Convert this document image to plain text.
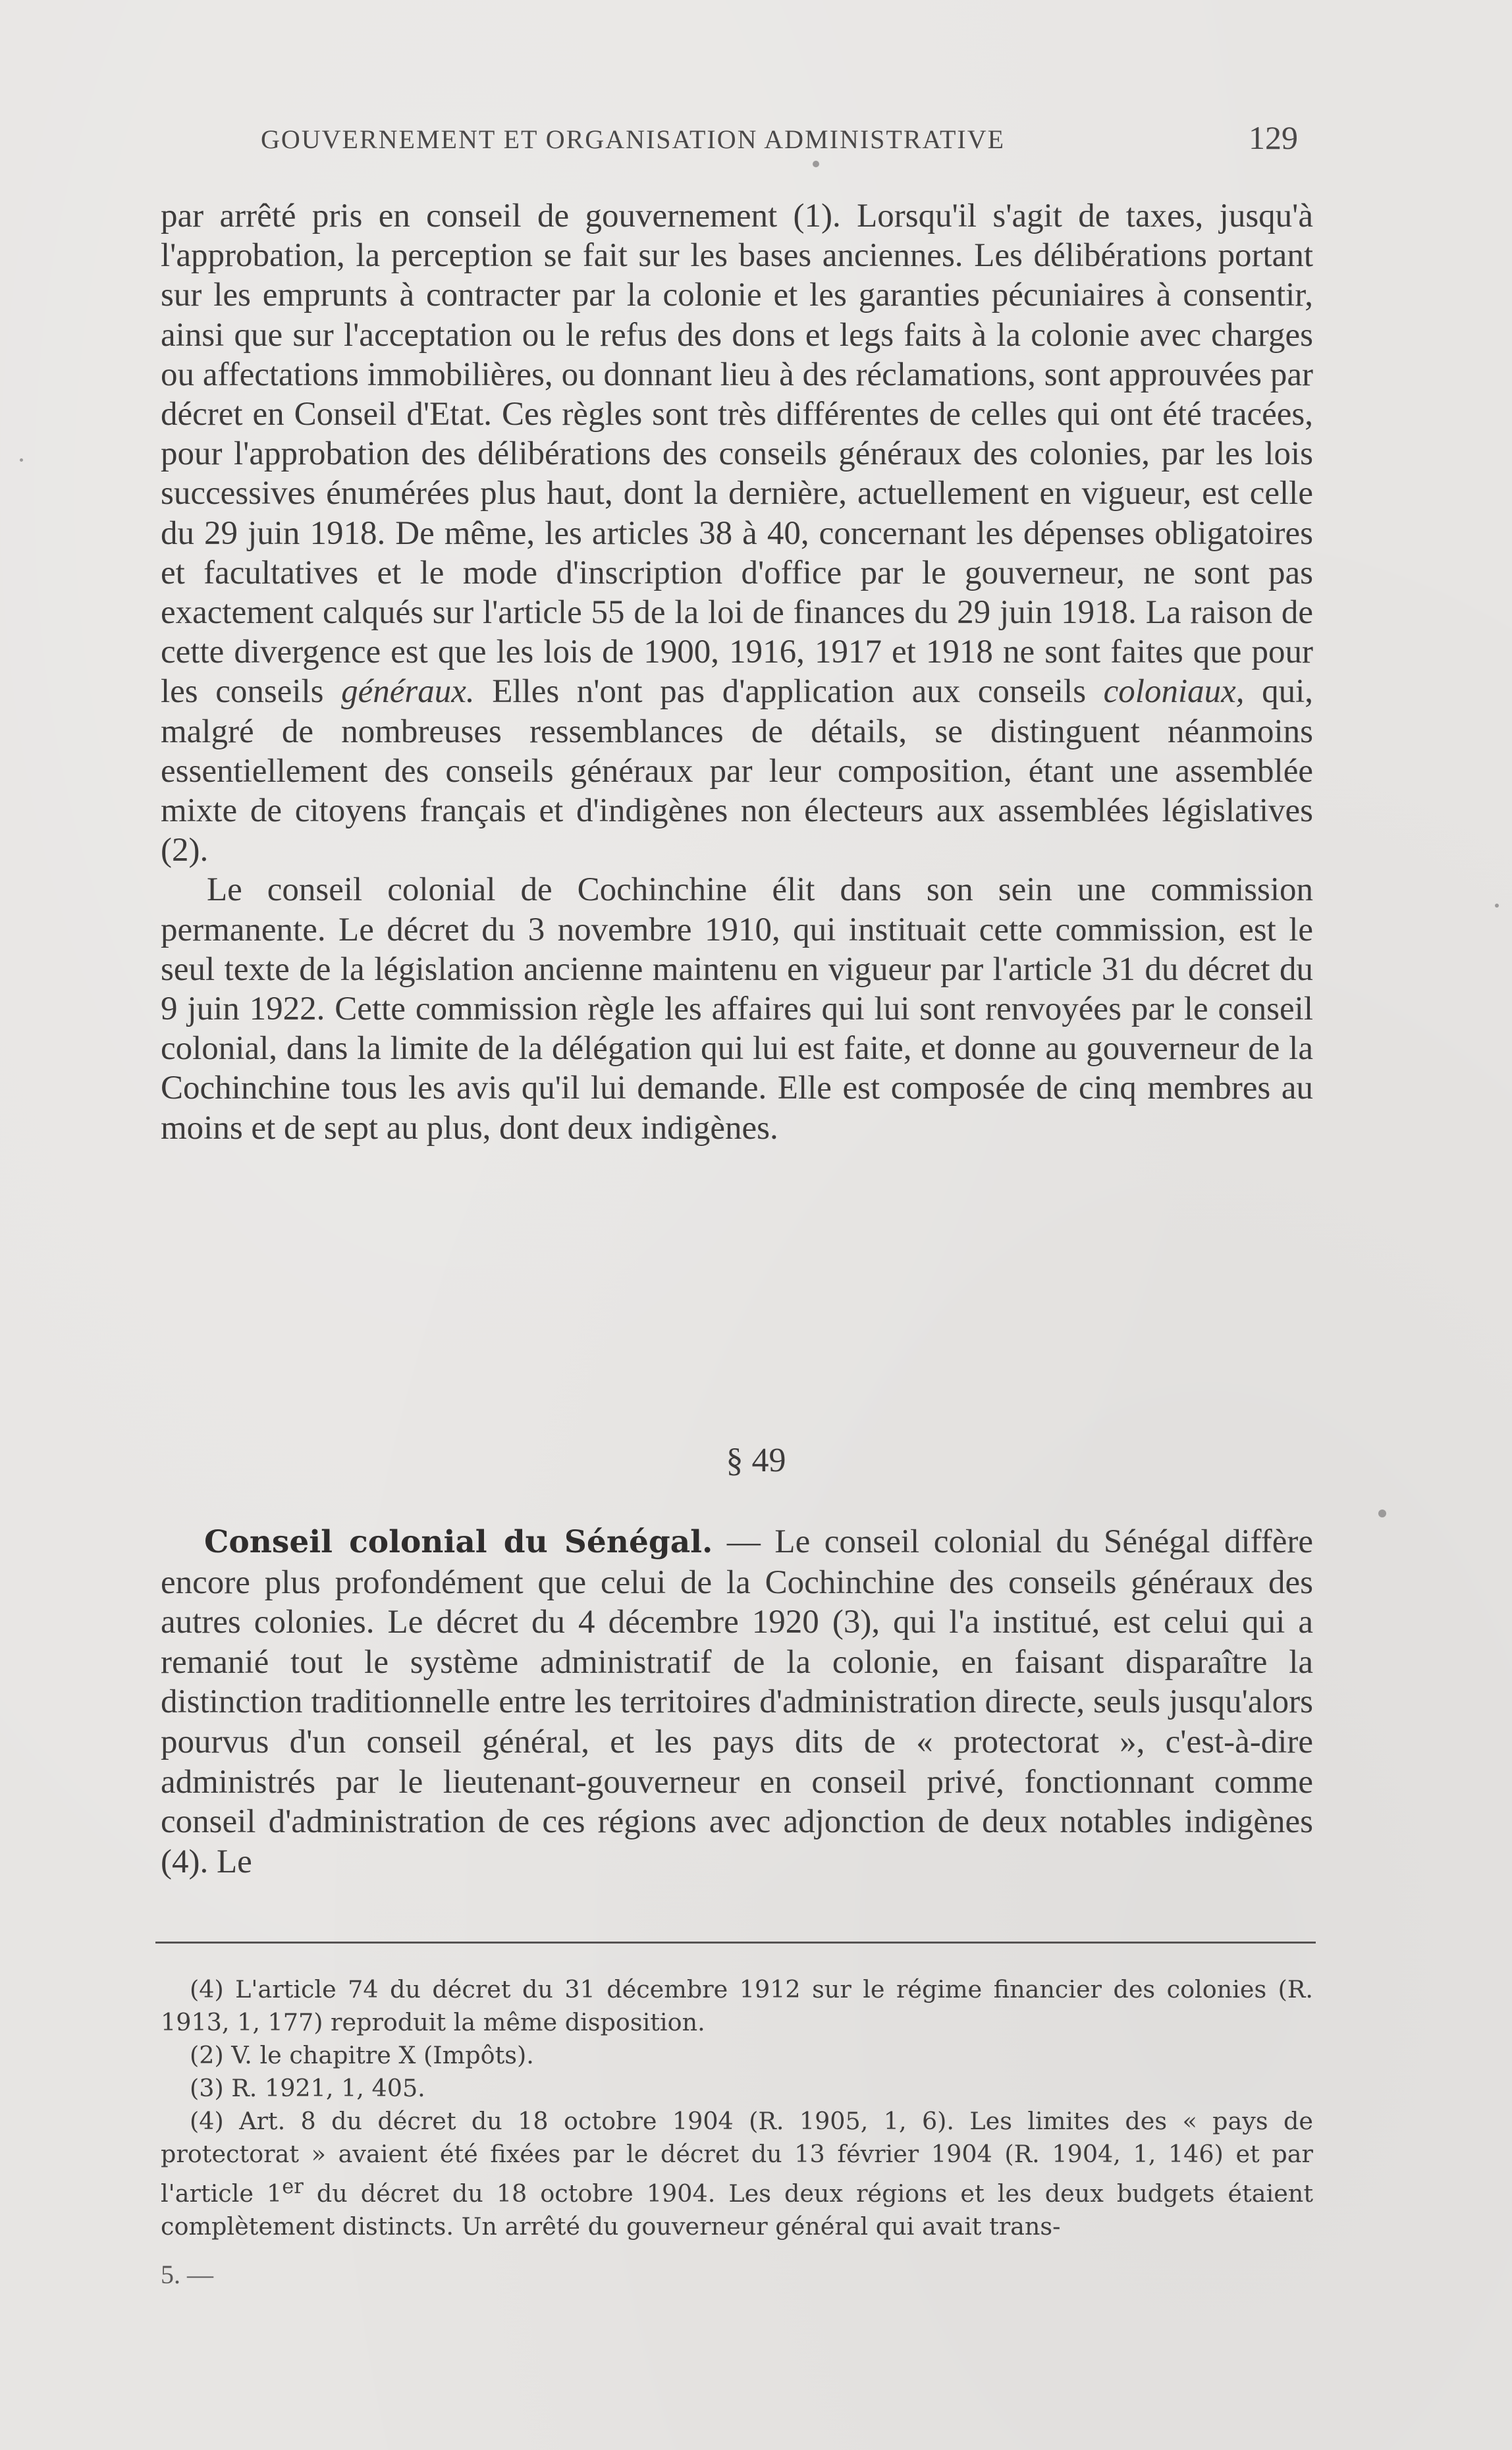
GOUVERNEMENT ET ORGANISATION ADMINISTRATIVE	129

par arrêté pris en conseil de gouvernement (1). Lorsqu'il s'agit de taxes, jusqu'à l'approbation, la perception se fait sur les bases anciennes. Les délibérations portant sur les emprunts à contracter par la colonie et les garanties pécuniaires à consentir, ainsi que sur l'acceptation ou le refus des dons et legs faits à la colonie avec charges ou affectations immobilières, ou donnant lieu à des réclamations, sont approuvées par décret en Conseil d'Etat. Ces règles sont très différentes de celles qui ont été tracées, pour l'approbation des délibérations des conseils généraux des colonies, par les lois successives énumérées plus haut, dont la dernière, actuellement en vigueur, est celle du 29 juin 1918. De même, les articles 38 à 40, concernant les dépenses obligatoires et facultatives et le mode d'inscription d'office par le gouverneur, ne sont pas exactement calqués sur l'article 55 de la loi de finances du 29 juin 1918. La raison de cette divergence est que les lois de 1900, 1916, 1917 et 1918 ne sont faites que pour les conseils généraux. Elles n'ont pas d'application aux conseils coloniaux, qui, malgré de nombreuses ressemblances de détails, se distinguent néanmoins essentiellement des conseils généraux par leur composition, étant une assemblée mixte de citoyens français et d'indigènes non électeurs aux assemblées législatives (2).

Le conseil colonial de Cochinchine élit dans son sein une commission permanente. Le décret du 3 novembre 1910, qui instituait cette commission, est le seul texte de la législation ancienne maintenu en vigueur par l'article 31 du décret du 9 juin 1922. Cette commission règle les affaires qui lui sont renvoyées par le conseil colonial, dans la limite de la délégation qui lui est faite, et donne au gouverneur de la Cochinchine tous les avis qu'il lui demande. Elle est composée de cinq membres au moins et de sept au plus, dont deux indigènes.

§ 49

Conseil colonial du Sénégal. — Le conseil colonial du Sénégal diffère encore plus profondément que celui de la Cochinchine des conseils généraux des autres colonies. Le décret du 4 décembre 1920 (3), qui l'a institué, est celui qui a remanié tout le système administratif de la colonie, en faisant disparaître la distinction traditionnelle entre les territoires d'administration directe, seuls jusqu'alors pourvus d'un conseil général, et les pays dits de « protectorat », c'est-à-dire administrés par le lieutenant-gouverneur en conseil privé, fonctionnant comme conseil d'administration de ces régions avec adjonction de deux notables indigènes (4). Le

(4) L'article 74 du décret du 31 décembre 1912 sur le régime financier des colonies (R. 1913, 1, 177) reproduit la même disposition.

(2) V. le chapitre X (Impôts).

(3) R. 1921, 1, 405.

(4) Art. 8 du décret du 18 octobre 1904 (R. 1905, 1, 6). Les limites des « pays de protectorat » avaient été fixées par le décret du 13 février 1904 (R. 1904, 1, 146) et par l'article 1er du décret du 18 octobre 1904. Les deux régions et les deux budgets étaient complètement distincts. Un arrêté du gouverneur général qui avait trans-

5. —
